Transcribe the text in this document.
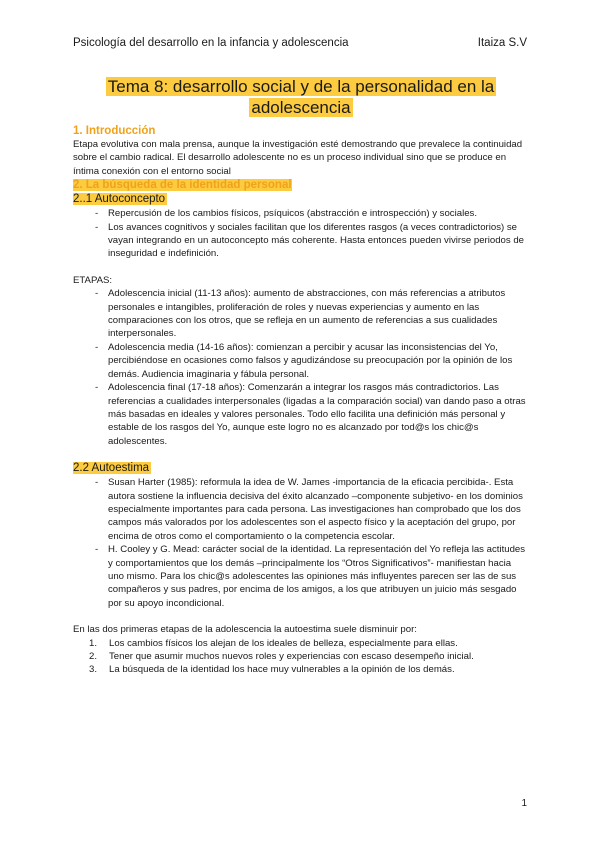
Psicología del desarrollo en la infancia y adolescencia	Itaiza S.V
Tema 8: desarrollo social y de la personalidad en la adolescencia
1. Introducción

Etapa evolutiva con mala prensa, aunque la investigación esté demostrando que prevalece la continuidad sobre el cambio radical. El desarrollo adolescente no es un proceso individual sino que se produce en íntima conexión con el entorno social

2. La búsqueda de la identidad personal
2..1 Autoconcepto
- Repercusión de los cambios físicos, psíquicos (abstracción e introspección) y sociales.
- Los avances cognitivos y sociales facilitan que los diferentes rasgos (a veces contradictorios) se vayan integrando en un autoconcepto más coherente. Hasta entonces pueden vivirse periodos de inseguridad e indefinición.

ETAPAS:

- Adolescencia inicial (11-13 años): aumento de abstracciones, con más referencias a atributos personales e intangibles, proliferación de roles y nuevas experiencias y aumento en las comparaciones con los otros, que se refleja en un aumento de referencias a sus cualidades interpersonales.
- Adolescencia media (14-16 años): comienzan a percibir y acusar las inconsistencias del Yo, percibiéndose en ocasiones como falsos y agudizándose su preocupación por la opinión de los demás. Audiencia imaginaria y fábula personal.
- Adolescencia final (17-18 años): Comenzarán a integrar los rasgos más contradictorios. Las referencias a cualidades interpersonales (ligadas a la comparación social) van dando paso a otras más basadas en ideales y valores personales. Todo ello facilita una definición más personal y estable de los rasgos del Yo, aunque este logro no es alcanzado por tod@s los chic@s adolescentes.
2.2 Autoestima
- Susan Harter (1985): reformula la idea de W. James -importancia de la eficacia percibida-. Esta autora sostiene la influencia decisiva del éxito alcanzado –componente subjetivo- en los dominios especialmente importantes para cada persona. Las investigaciones han comprobado que los dos campos más valorados por los adolescentes son el aspecto físico y la aceptación del grupo, por encima de otros como el comportamiento o la competencia escolar.
- H. Cooley y G. Mead: carácter social de la identidad. La representación del Yo refleja las actitudes y comportamientos que los demás –principalmente los “Otros Significativos”- manifiestan hacia uno mismo. Para los chic@s adolescentes las opiniones más influyentes parecen ser las de sus compañeros y sus padres, por encima de los amigos, a los que atribuyen un juicio más sesgado por su apoyo incondicional.

En las dos primeras etapas de la adolescencia la autoestima suele disminuir por:

1. Los cambios físicos los alejan de los ideales de belleza, especialmente para ellas.
2. Tener que asumir muchos nuevos roles y experiencias con escaso desempeño inicial.
3. La búsqueda de la identidad los hace muy vulnerables a la opinión de los demás.
1
